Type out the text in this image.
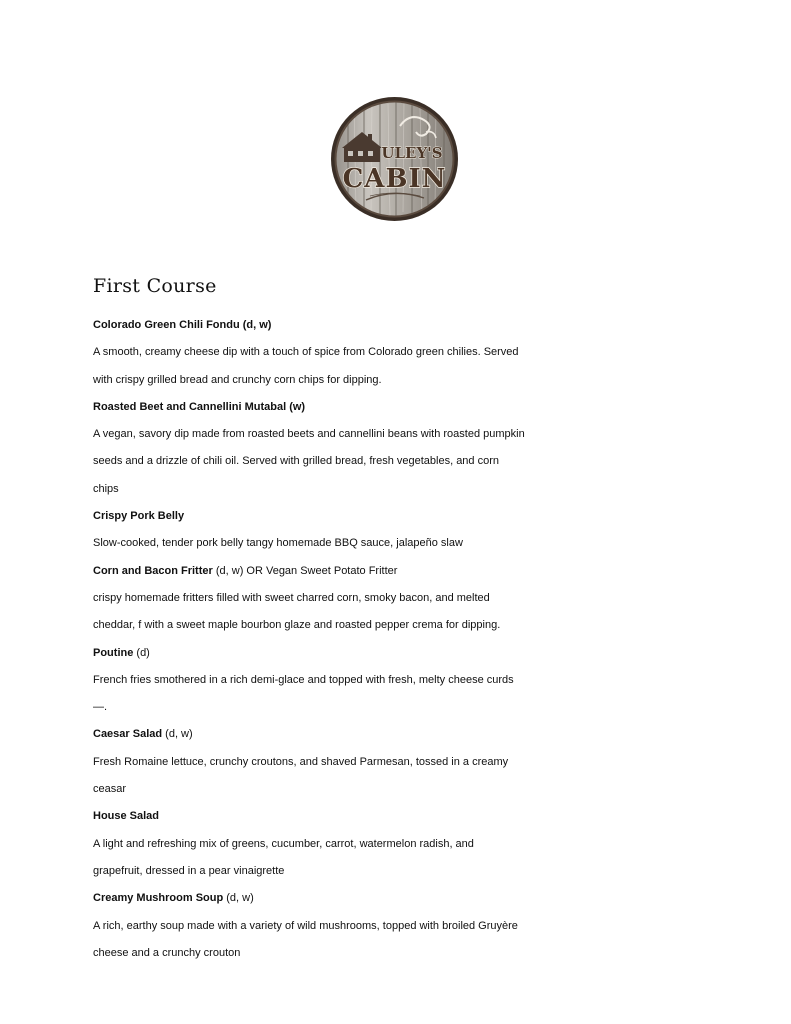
ULEY'S
CABIN
First Course

Colorado Green Chili Fondu (d, w)

A smooth, creamy cheese dip with a touch of spice from Colorado green chilies. Served
with crispy grilled bread and crunchy corn chips for dipping.

Roasted Beet and Cannellini Mutabal (w)

A vegan, savory dip made from roasted beets and cannellini beans with roasted pumpkin
seeds and a drizzle of chili oil. Served with grilled bread, fresh vegetables, and corn
chips

Crispy Pork Belly

Slow-cooked, tender pork belly tangy homemade BBQ sauce, jalapeño slaw

Corn and Bacon Fritter (d, w) OR Vegan Sweet Potato Fritter

crispy homemade fritters filled with sweet charred corn, smoky bacon, and melted
cheddar, f with a sweet maple bourbon glaze and roasted pepper crema for dipping.

Poutine (d)

French fries smothered in a rich demi-glace and topped with fresh, melty cheese curds—.

Caesar Salad (d, w)

Fresh Romaine lettuce, crunchy croutons, and shaved Parmesan, tossed in a creamy
ceasar

House Salad

A light and refreshing mix of greens, cucumber, carrot, watermelon radish, and
grapefruit, dressed in a pear vinaigrette

Creamy Mushroom Soup (d, w)

A rich, earthy soup made with a variety of wild mushrooms, topped with broiled Gruyère
cheese and a crunchy crouton
